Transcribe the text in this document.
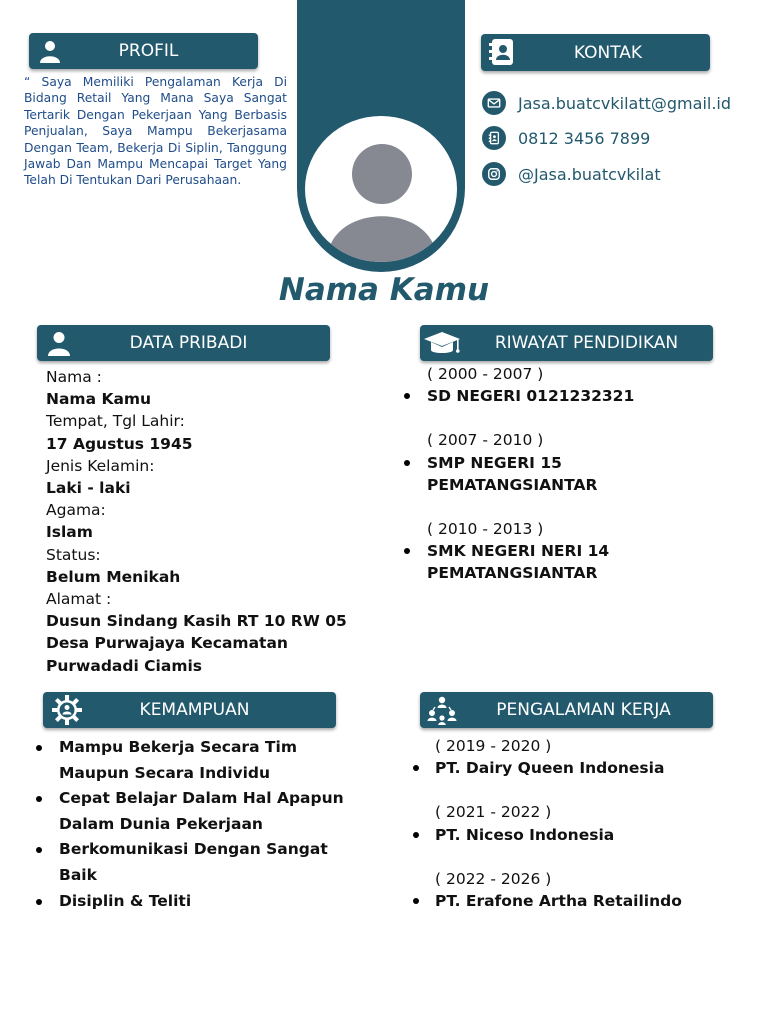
PROFIL
“ Saya Memiliki Pengalaman Kerja Di Bidang Retail Yang Mana Saya Sangat Tertarik Dengan Pekerjaan Yang Berbasis Penjualan, Saya Mampu Bekerjasama Dengan Team, Bekerja Di Siplin, Tanggung Jawab Dan Mampu Mencapai Target Yang Telah Di Tentukan Dari Perusahaan.
KONTAK
Jasa.buatcvkilatt@gmail.id
0812 3456 7899
@Jasa.buatcvkilat
Nama Kamu
DATA PRIBADI
Nama :
Nama Kamu
Tempat, Tgl Lahir:
17 Agustus 1945
Jenis Kelamin:
Laki - laki
Agama:
Islam
Status:
Belum Menikah
Alamat :
Dusun Sindang Kasih RT 10 RW 05
Desa Purwajaya Kecamatan
Purwadadi Ciamis
RIWAYAT PENDIDIKAN
( 2000 - 2007 )
SD NEGERI 0121232321
( 2007 - 2010 )
SMP NEGERI 15
PEMATANGSIANTAR
( 2010 - 2013 )
SMK NEGERI NERI 14
PEMATANGSIANTAR
KEMAMPUAN
Mampu Bekerja Secara Tim
Maupun Secara Individu
Cepat Belajar Dalam Hal Apapun
Dalam Dunia Pekerjaan
Berkomunikasi Dengan Sangat Baik
Disiplin & Teliti
PENGALAMAN KERJA
( 2019 - 2020 )
PT. Dairy Queen Indonesia
( 2021 - 2022 )
PT. Niceso Indonesia
( 2022 - 2026 )
PT. Erafone Artha Retailindo
